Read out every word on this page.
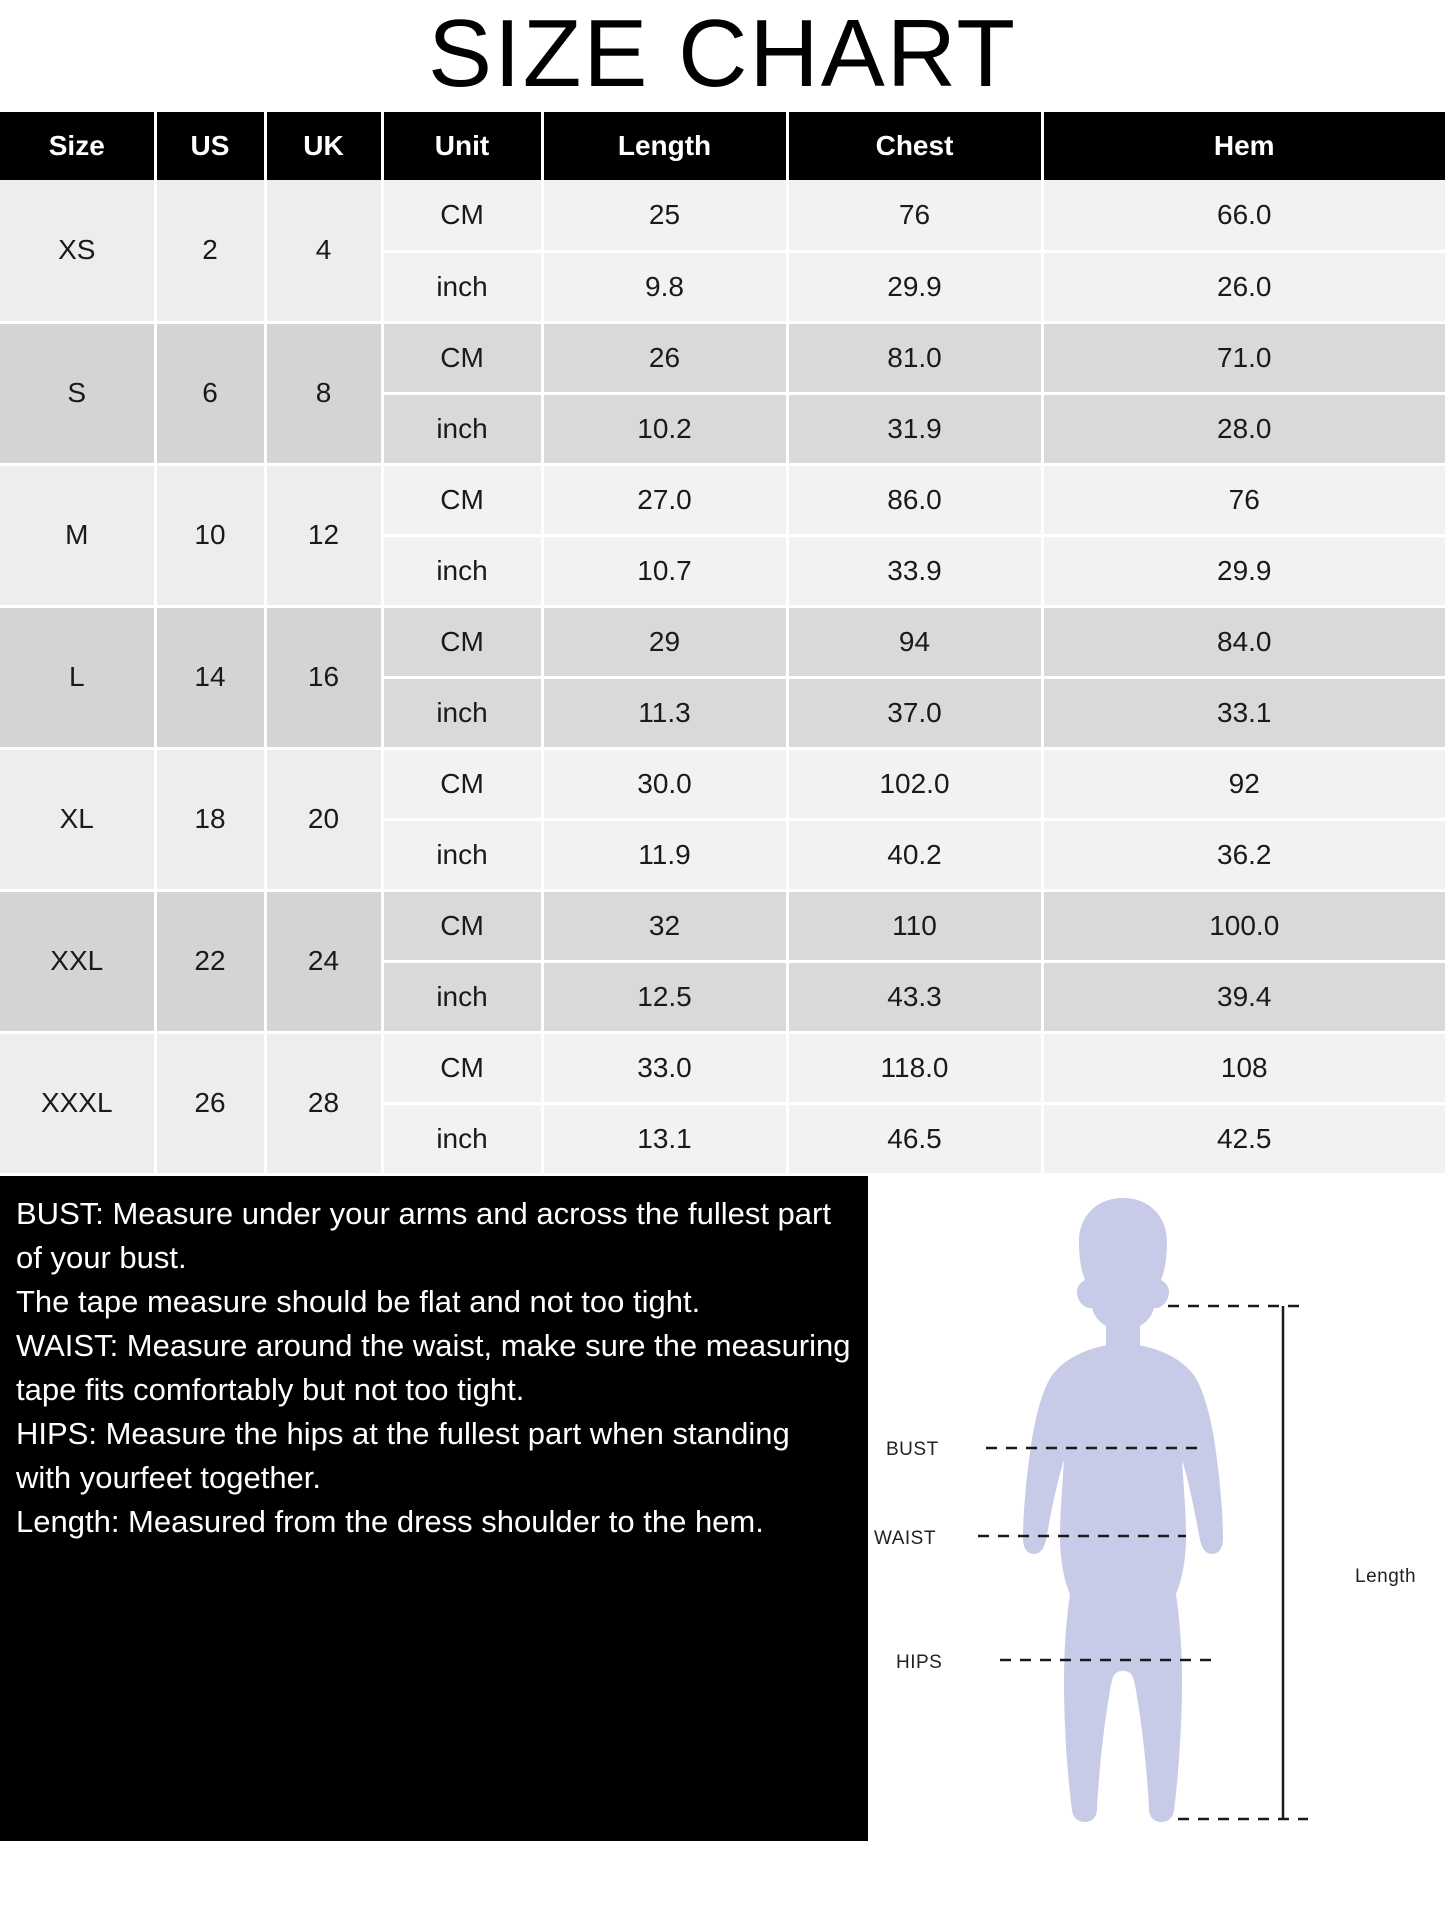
SIZE CHART
Size	US	UK	Unit	Length	Chest	Hem
XS	2	4	CM	25	76	66.0
			inch	9.8	29.9	26.0
S	6	8	CM	26	81.0	71.0
			inch	10.2	31.9	28.0
M	10	12	CM	27.0	86.0	76
			inch	10.7	33.9	29.9
L	14	16	CM	29	94	84.0
			inch	11.3	37.0	33.1
XL	18	20	CM	30.0	102.0	92
			inch	11.9	40.2	36.2
XXL	22	24	CM	32	110	100.0
			inch	12.5	43.3	39.4
XXXL	26	28	CM	33.0	118.0	108
			inch	13.1	46.5	42.5

BUST: Measure under your arms and across the fullest part of your bust.

The tape measure should be flat and not too tight.

WAIST: Measure around the waist, make sure the measuring tape fits comfortably but not too tight.

HIPS: Measure the hips at the fullest part when standing with yourfeet together.

Length: Measured from the dress shoulder to the hem.

BUST
WAIST
HIPS
Length
